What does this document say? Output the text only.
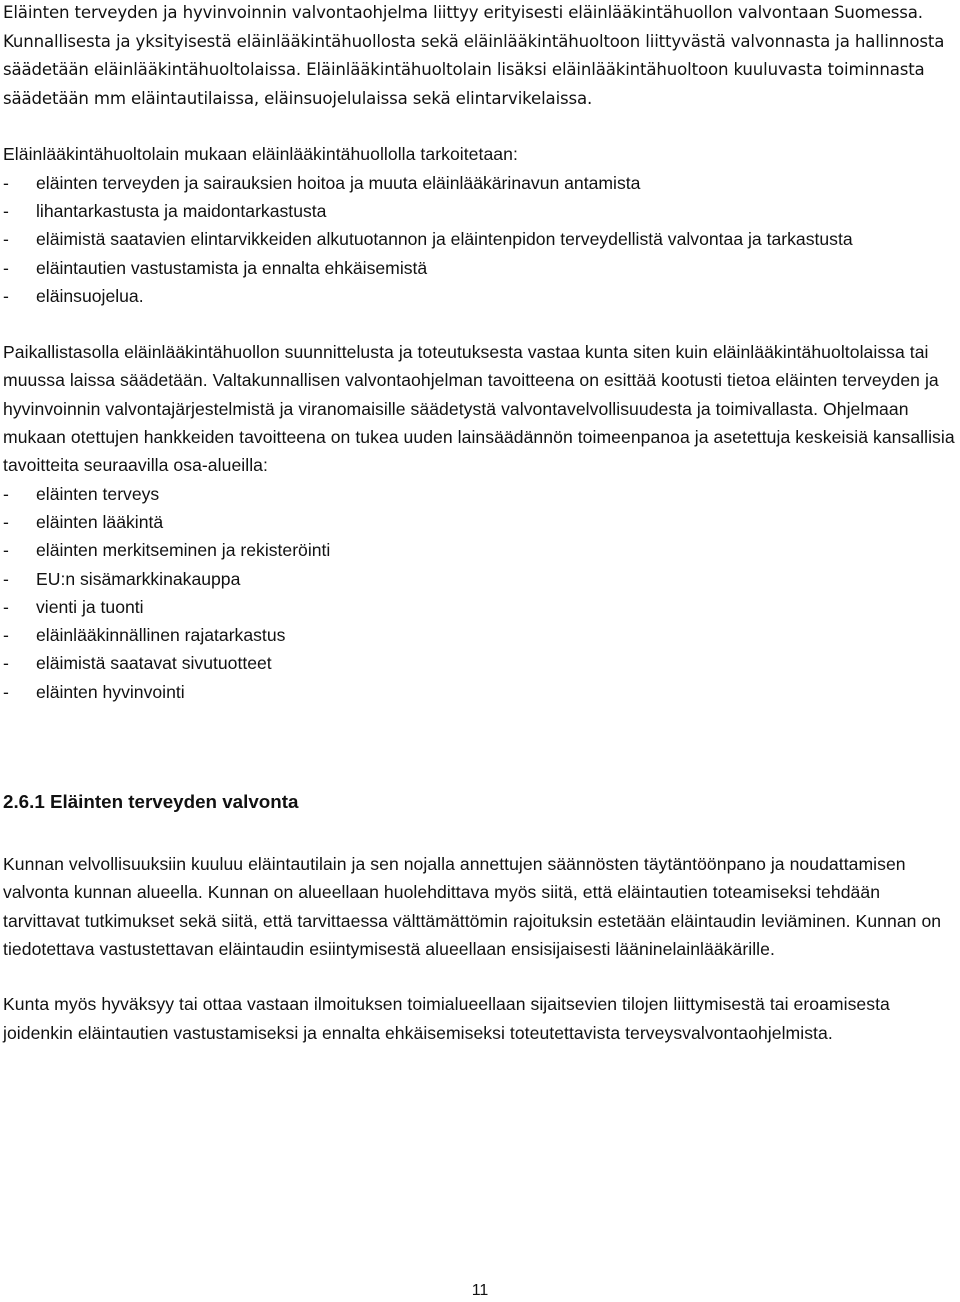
Eläinten terveyden ja hyvinvoinnin valvontaohjelma liittyy erityisesti eläinlääkintähuollon valvontaan Suomessa. Kunnallisesta ja yksityisestä eläinlääkintähuollosta sekä eläinlääkintähuoltoon liittyvästä valvonnasta ja hallinnosta säädetään eläinlääkintähuoltolaissa. Eläinlääkintähuoltolain lisäksi eläinlääkintähuoltoon kuuluvasta toiminnasta säädetään mm eläintautilaissa, eläinsuojelulaissa sekä elintarvikelaissa.

Eläinlääkintähuoltolain mukaan eläinlääkintähuollolla tarkoitetaan:

- eläinten terveyden ja sairauksien hoitoa ja muuta eläinlääkärinavun antamista
- lihantarkastusta ja maidontarkastusta
- eläimistä saatavien elintarvikkeiden alkutuotannon ja eläintenpidon terveydellistä valvontaa ja tarkastusta
- eläintautien vastustamista ja ennalta ehkäisemistä
- eläinsuojelua.

Paikallistasolla eläinlääkintähuollon suunnittelusta ja toteutuksesta vastaa kunta siten kuin eläinlääkintähuoltolaissa tai muussa laissa säädetään. Valtakunnallisen valvontaohjelman tavoitteena on esittää kootusti tietoa eläinten terveyden ja hyvinvoinnin valvontajärjestelmistä ja viranomaisille säädetystä valvontavelvollisuudesta ja toimivallasta. Ohjelmaan mukaan otettujen hankkeiden tavoitteena on tukea uuden lainsäädännön toimeenpanoa ja asetettuja keskeisiä kansallisia tavoitteita seuraavilla osa-alueilla:

- eläinten terveys
- eläinten lääkintä
- eläinten merkitseminen ja rekisteröinti
- EU:n sisämarkkinakauppa
- vienti ja tuonti
- eläinlääkinnällinen rajatarkastus
- eläimistä saatavat sivutuotteet
- eläinten hyvinvointi
2.6.1 Eläinten terveyden valvonta

Kunnan velvollisuuksiin kuuluu eläintautilain ja sen nojalla annettujen säännösten täytäntöönpano ja noudattamisen valvonta kunnan alueella. Kunnan on alueellaan huolehdittava myös siitä, että eläintautien toteamiseksi tehdään tarvittavat tutkimukset sekä siitä, että tarvittaessa välttämättömin rajoituksin estetään eläintaudin leviäminen. Kunnan on tiedotettava vastustettavan eläintaudin esiintymisestä alueellaan ensisijaisesti lääninelainlääkärille.

Kunta myös hyväksyy tai ottaa vastaan ilmoituksen toimialueellaan sijaitsevien tilojen liittymisestä tai eroamisesta joidenkin eläintautien vastustamiseksi ja ennalta ehkäisemiseksi toteutettavista terveysvalvontaohjelmista.

11
